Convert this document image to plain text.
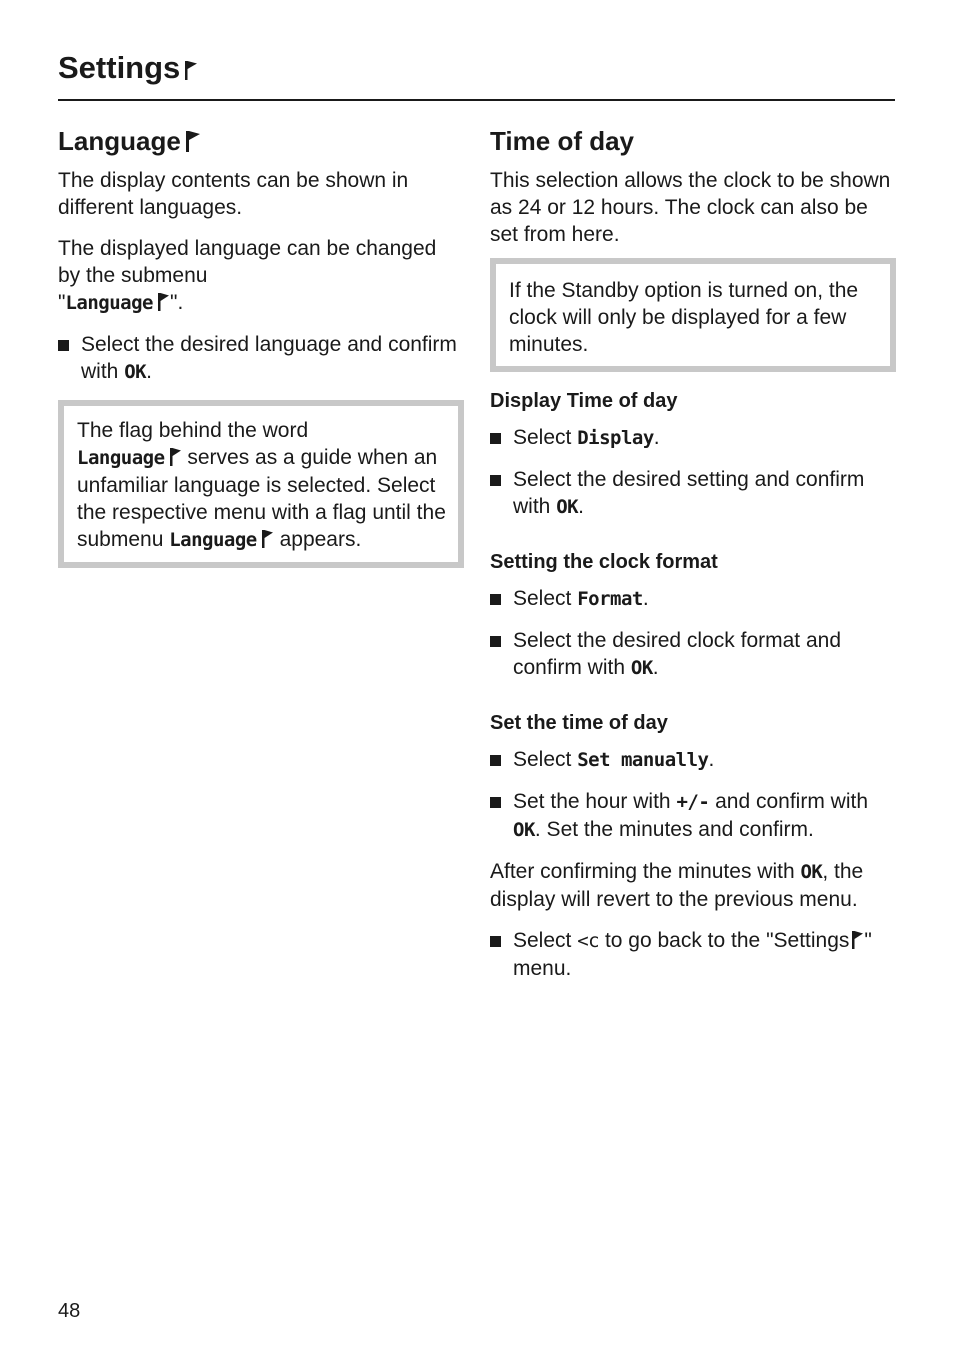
Settings
Language

The display contents can be shown in different languages.

The displayed language can be changed by the submenu
"Language ".

Select the desired language and confirm with OK.
The flag behind the word
Language serves as a guide when an unfamiliar language is selected. Select the respective menu with a flag until the submenu Language appears.
Time of day

This selection allows the clock to be shown as 24 or 12 hours. The clock can also be set from here.

If the Standby option is turned on, the clock will only be displayed for a few minutes.
Display Time of day
Select Display.
Select the desired setting and confirm with OK.
Setting the clock format
Select Format.
Select the desired clock format and confirm with OK.
Set the time of day
Select Set manually.
Set the hour with +/- and confirm with OK. Set the minutes and confirm.

After confirming the minutes with OK, the display will revert to the previous menu.

Select <c to go back to the "Settings " menu.
48
